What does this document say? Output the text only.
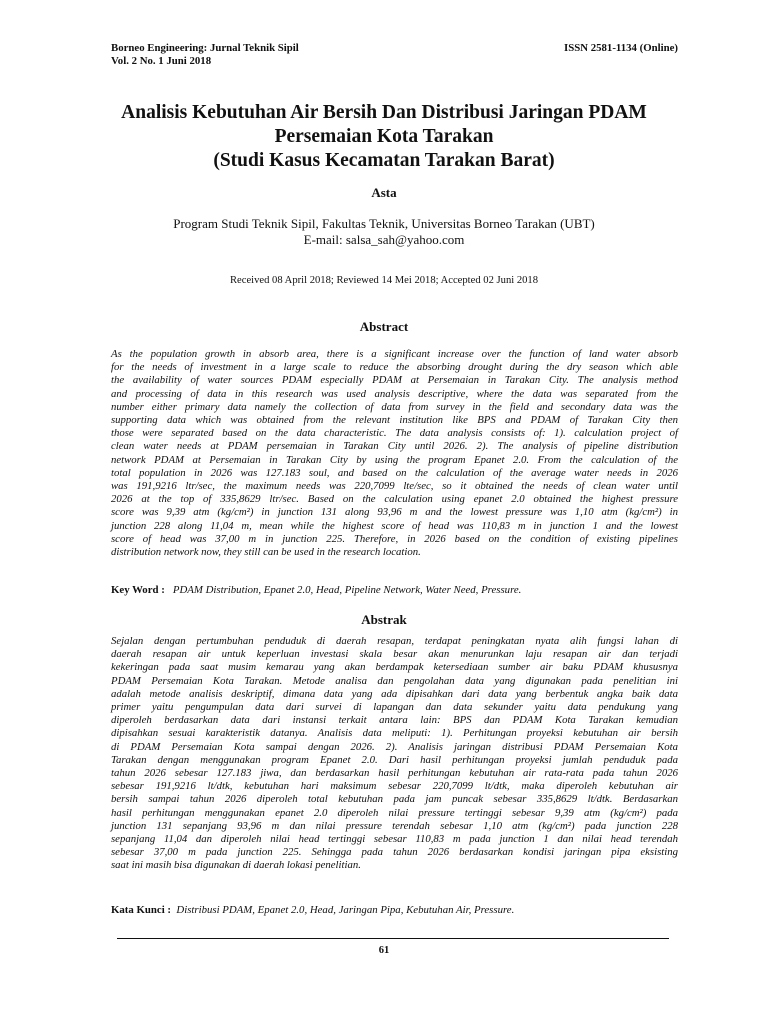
Borneo Engineering: Jurnal Teknik Sipil	ISSN 2581-1134 (Online)
Vol. 2 No. 1 Juni 2018
Analisis Kebutuhan Air Bersih Dan Distribusi Jaringan PDAM
Persemaian Kota Tarakan
(Studi Kasus Kecamatan Tarakan Barat)
Asta
Program Studi Teknik Sipil, Fakultas Teknik, Universitas Borneo Tarakan (UBT)
E-mail: salsa_sah@yahoo.com
Received 08 April 2018; Reviewed 14 Mei 2018; Accepted 02 Juni 2018
Abstract
As the population growth in absorb area, there is a significant increase over the function of land water absorb
for the needs of investment in a large scale to reduce the absorbing drought during the dry season which able
the availability of water sources PDAM especially PDAM at Persemaian in Tarakan City. The analysis method
and processing of data in this research was used analysis descriptive, where the data was separated from the
number either primary data namely the collection of data from survey in the field and secondary data was the
supporting data which was obtained from the relevant institution like BPS and PDAM of Tarakan City then
those were separated based on the data characteristic. The data analysis consists of: 1). calculation project of
clean water needs at PDAM persemaian in Tarakan City until 2026. 2). The analysis of pipeline distribution
network PDAM at Persemaian in Tarakan City by using the program Epanet 2.0. From the calculation of the
total population in 2026 was 127.183 soul, and based on the calculation of the average water needs in 2026
was 191,9216 ltr/sec, the maximum needs was 220,7099 lte/sec, so it obtained the needs of clean water until
2026 at the top of 335,8629 ltr/sec. Based on the calculation using epanet 2.0 obtained the highest pressure
score was 9,39 atm (kg/cm²) in junction 131 along 93,96 m and the lowest pressure was 1,10 atm (kg/cm²) in
junction 228 along 11,04 m, mean while the highest score of head was 110,83 m in junction 1 and the lowest
score of head was 37,00 m in junction 225. Therefore, in 2026 based on the condition of existing pipelines
distribution network now, they still can be used in the research location.
Key Word : PDAM Distribution, Epanet 2.0, Head, Pipeline Network, Water Need, Pressure.
Abstrak
Sejalan dengan pertumbuhan penduduk di daerah resapan, terdapat peningkatan nyata alih fungsi lahan di
daerah resapan air untuk keperluan investasi skala besar akan menurunkan laju resapan air dan terjadi
kekeringan pada saat musim kemarau yang akan berdampak ketersediaan sumber air baku PDAM khususnya
PDAM Persemaian Kota Tarakan. Metode analisa dan pengolahan data yang digunakan pada penelitian ini
adalah metode analisis deskriptif, dimana data yang ada dipisahkan dari data yang berbentuk angka baik data
primer yaitu pengumpulan data dari survei di lapangan dan data sekunder yaitu data pendukung yang
diperoleh berdasarkan data dari instansi terkait antara lain: BPS dan PDAM Kota Tarakan kemudian
dipisahkan sesuai karakteristik datanya. Analisis data meliputi: 1). Perhitungan proyeksi kebutuhan air bersih
di PDAM Persemaian Kota sampai dengan 2026. 2). Analisis jaringan distribusi PDAM Persemaian Kota
Tarakan dengan menggunakan program Epanet 2.0. Dari hasil perhitungan proyeksi jumlah penduduk pada
tahun 2026 sebesar 127.183 jiwa, dan berdasarkan hasil perhitungan kebutuhan air rata-rata pada tahun 2026
sebesar 191,9216 lt/dtk, kebutuhan hari maksimum sebesar 220,7099 lt/dtk, maka diperoleh kebutuhan air
bersih sampai tahun 2026 diperoleh total kebutuhan pada jam puncak sebesar 335,8629 lt/dtk. Berdasarkan
hasil perhitungan menggunakan epanet 2.0 diperoleh nilai pressure tertinggi sebesar 9,39 atm (kg/cm²) pada
junction 131 sepanjang 93,96 m dan nilai pressure terendah sebesar 1,10 atm (kg/cm²) pada junction 228
sepanjang 11,04 dan diperoleh nilai head tertinggi sebesar 110,83 m pada junction 1 dan nilai head terendah
sebesar 37,00 m pada junction 225. Sehingga pada tahun 2026 berdasarkan kondisi jaringan pipa eksisting
saat ini masih bisa digunakan di daerah lokasi penelitian.
Kata Kunci : Distribusi PDAM, Epanet 2.0, Head, Jaringan Pipa, Kebutuhan Air, Pressure.
61
